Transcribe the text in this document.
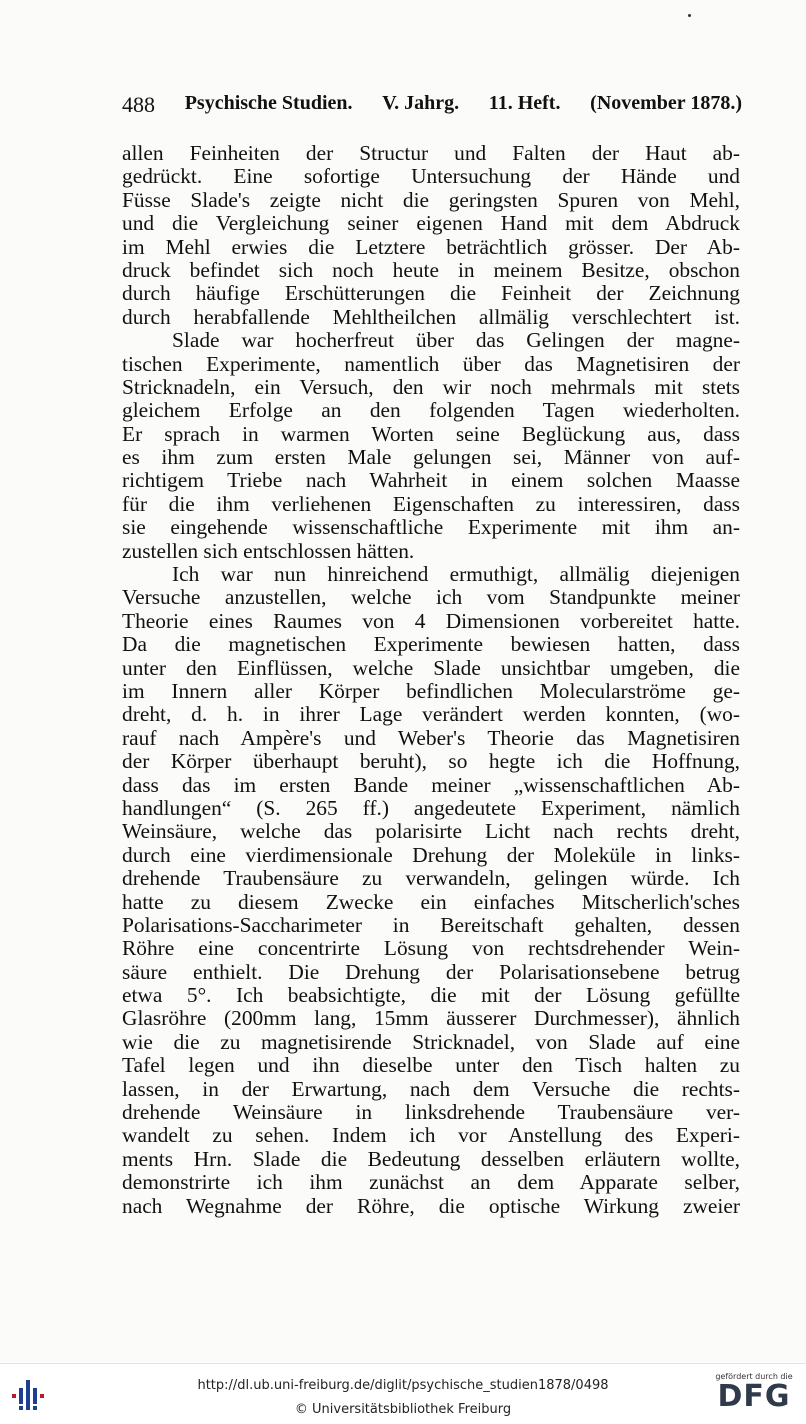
488 Psychische Studien. V. Jahrg. 11. Heft. (November 1878.)
allen Feinheiten der Structur und Falten der Haut ab-
gedrückt. Eine sofortige Untersuchung der Hände und
Füsse Slade's zeigte nicht die geringsten Spuren von Mehl,
und die Vergleichung seiner eigenen Hand mit dem Abdruck
im Mehl erwies die Letztere beträchtlich grösser. Der Ab-
druck befindet sich noch heute in meinem Besitze, obschon
durch häufige Erschütterungen die Feinheit der Zeichnung
durch herabfallende Mehltheilchen allmälig verschlechtert ist.
Slade war hocherfreut über das Gelingen der magne-
tischen Experimente, namentlich über das Magnetisiren der
Stricknadeln, ein Versuch, den wir noch mehrmals mit stets
gleichem Erfolge an den folgenden Tagen wiederholten.
Er sprach in warmen Worten seine Beglückung aus, dass
es ihm zum ersten Male gelungen sei, Männer von auf-
richtigem Triebe nach Wahrheit in einem solchen Maasse
für die ihm verliehenen Eigenschaften zu interessiren, dass
sie eingehende wissenschaftliche Experimente mit ihm an-
zustellen sich entschlossen hätten.
Ich war nun hinreichend ermuthigt, allmälig diejenigen
Versuche anzustellen, welche ich vom Standpunkte meiner
Theorie eines Raumes von 4 Dimensionen vorbereitet hatte.
Da die magnetischen Experimente bewiesen hatten, dass
unter den Einflüssen, welche Slade unsichtbar umgeben, die
im Innern aller Körper befindlichen Molecularströme ge-
dreht, d. h. in ihrer Lage verändert werden konnten, (wo-
rauf nach Ampère's und Weber's Theorie das Magnetisiren
der Körper überhaupt beruht), so hegte ich die Hoffnung,
dass das im ersten Bande meiner „wissenschaftlichen Ab-
handlungen“ (S. 265 ff.) angedeutete Experiment, nämlich
Weinsäure, welche das polarisirte Licht nach rechts dreht,
durch eine vierdimensionale Drehung der Moleküle in links-
drehende Traubensäure zu verwandeln, gelingen würde. Ich
hatte zu diesem Zwecke ein einfaches Mitscherlich'sches
Polarisations-Saccharimeter in Bereitschaft gehalten, dessen
Röhre eine concentrirte Lösung von rechtsdrehender Wein-
säure enthielt. Die Drehung der Polarisationsebene betrug
etwa 5°. Ich beabsichtigte, die mit der Lösung gefüllte
Glasröhre (200mm lang, 15mm äusserer Durchmesser), ähnlich
wie die zu magnetisirende Stricknadel, von Slade auf eine
Tafel legen und ihn dieselbe unter den Tisch halten zu
lassen, in der Erwartung, nach dem Versuche die rechts-
drehende Weinsäure in linksdrehende Traubensäure ver-
wandelt zu sehen. Indem ich vor Anstellung des Experi-
ments Hrn. Slade die Bedeutung desselben erläutern wollte,
demonstrirte ich ihm zunächst an dem Apparate selber,
nach Wegnahme der Röhre, die optische Wirkung zweier
http://dl.ub.uni-freiburg.de/diglit/psychische_studien1878/0498
© Universitätsbibliothek Freiburg
gefördert durch die
DFG
